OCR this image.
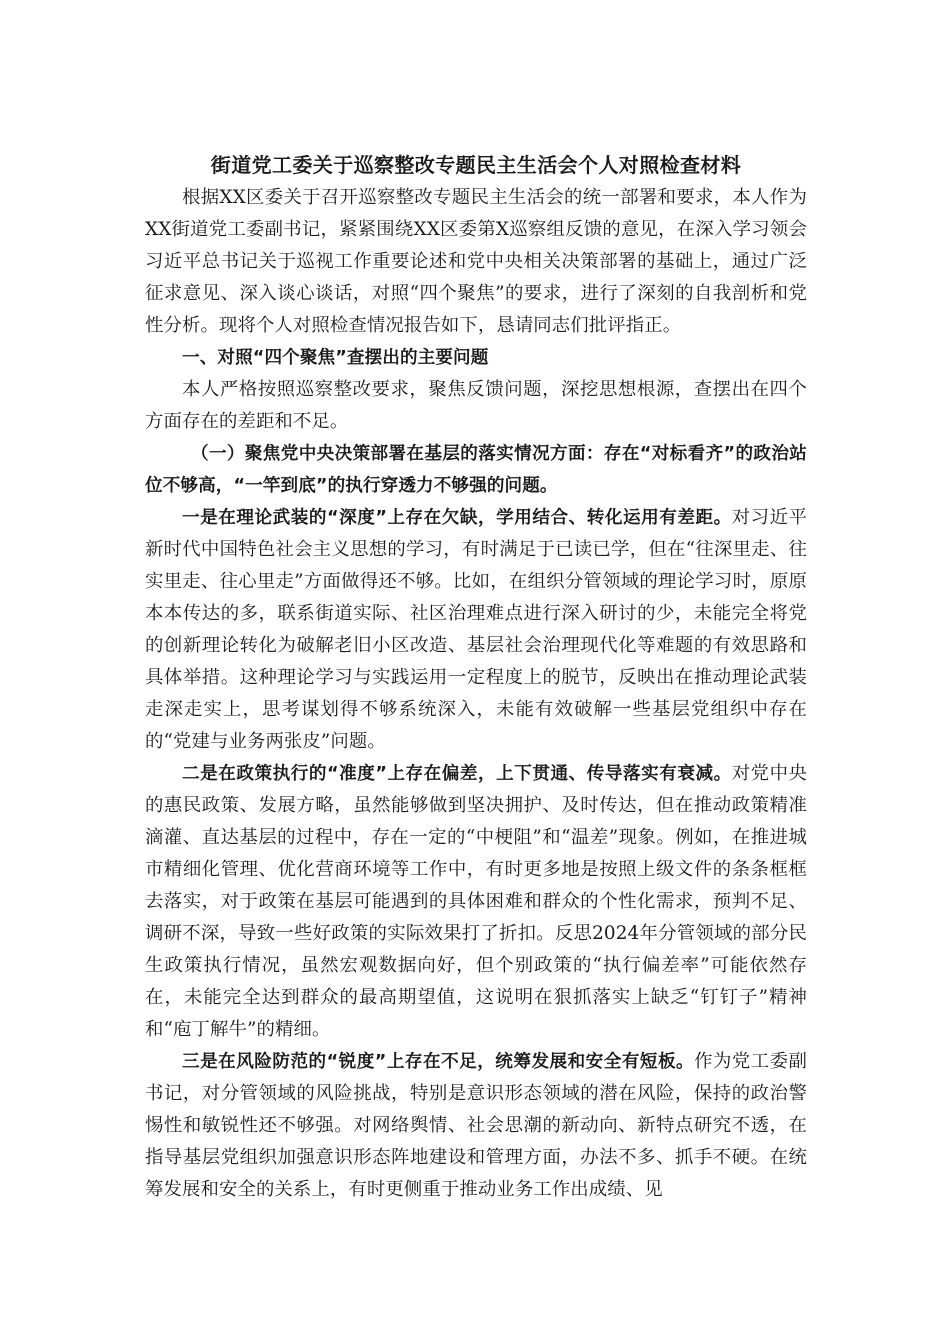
街道党工委关于巡察整改专题民主生活会个人对照检查材料

根据XX区委关于召开巡察整改专题民主生活会的统一部署和要求，本人作为XX街道党工委副书记，紧紧围绕XX区委第X巡察组反馈的意见，在深入学习领会习近平总书记关于巡视工作重要论述和党中央相关决策部署的基础上，通过广泛征求意见、深入谈心谈话，对照“四个聚焦”的要求，进行了深刻的自我剖析和党性分析。现将个人对照检查情况报告如下，恳请同志们批评指正。

一、对照“四个聚焦”查摆出的主要问题

本人严格按照巡察整改要求，聚焦反馈问题，深挖思想根源，查摆出在四个方面存在的差距和不足。

（一）聚焦党中央决策部署在基层的落实情况方面：存在“对标看齐”的政治站位不够高，“一竿到底”的执行穿透力不够强的问题。

一是在理论武装的“深度”上存在欠缺，学用结合、转化运用有差距。对习近平新时代中国特色社会主义思想的学习，有时满足于已读已学，但在“往深里走、往实里走、往心里走”方面做得还不够。比如，在组织分管领域的理论学习时，原原本本传达的多，联系街道实际、社区治理难点进行深入研讨的少，未能完全将党的创新理论转化为破解老旧小区改造、基层社会治理现代化等难题的有效思路和具体举措。这种理论学习与实践运用一定程度上的脱节，反映出在推动理论武装走深走实上，思考谋划得不够系统深入，未能有效破解一些基层党组织中存在的“党建与业务两张皮”问题。

二是在政策执行的“准度”上存在偏差，上下贯通、传导落实有衰减。对党中央的惠民政策、发展方略，虽然能够做到坚决拥护、及时传达，但在推动政策精准滴灌、直达基层的过程中，存在一定的“中梗阻”和“温差”现象。例如，在推进城市精细化管理、优化营商环境等工作中，有时更多地是按照上级文件的条条框框去落实，对于政策在基层可能遇到的具体困难和群众的个性化需求，预判不足、调研不深，导致一些好政策的实际效果打了折扣。反思2024年分管领域的部分民生政策执行情况，虽然宏观数据向好，但个别政策的“执行偏差率”可能依然存在，未能完全达到群众的最高期望值，这说明在狠抓落实上缺乏“钉钉子”精神和“庖丁解牛”的精细。

三是在风险防范的“锐度”上存在不足，统筹发展和安全有短板。作为党工委副书记，对分管领域的风险挑战，特别是意识形态领域的潜在风险，保持的政治警惕性和敏锐性还不够强。对网络舆情、社会思潮的新动向、新特点研究不透，在指导基层党组织加强意识形态阵地建设和管理方面，办法不多、抓手不硬。在统筹发展和安全的关系上，有时更侧重于推动业务工作出成绩、见
